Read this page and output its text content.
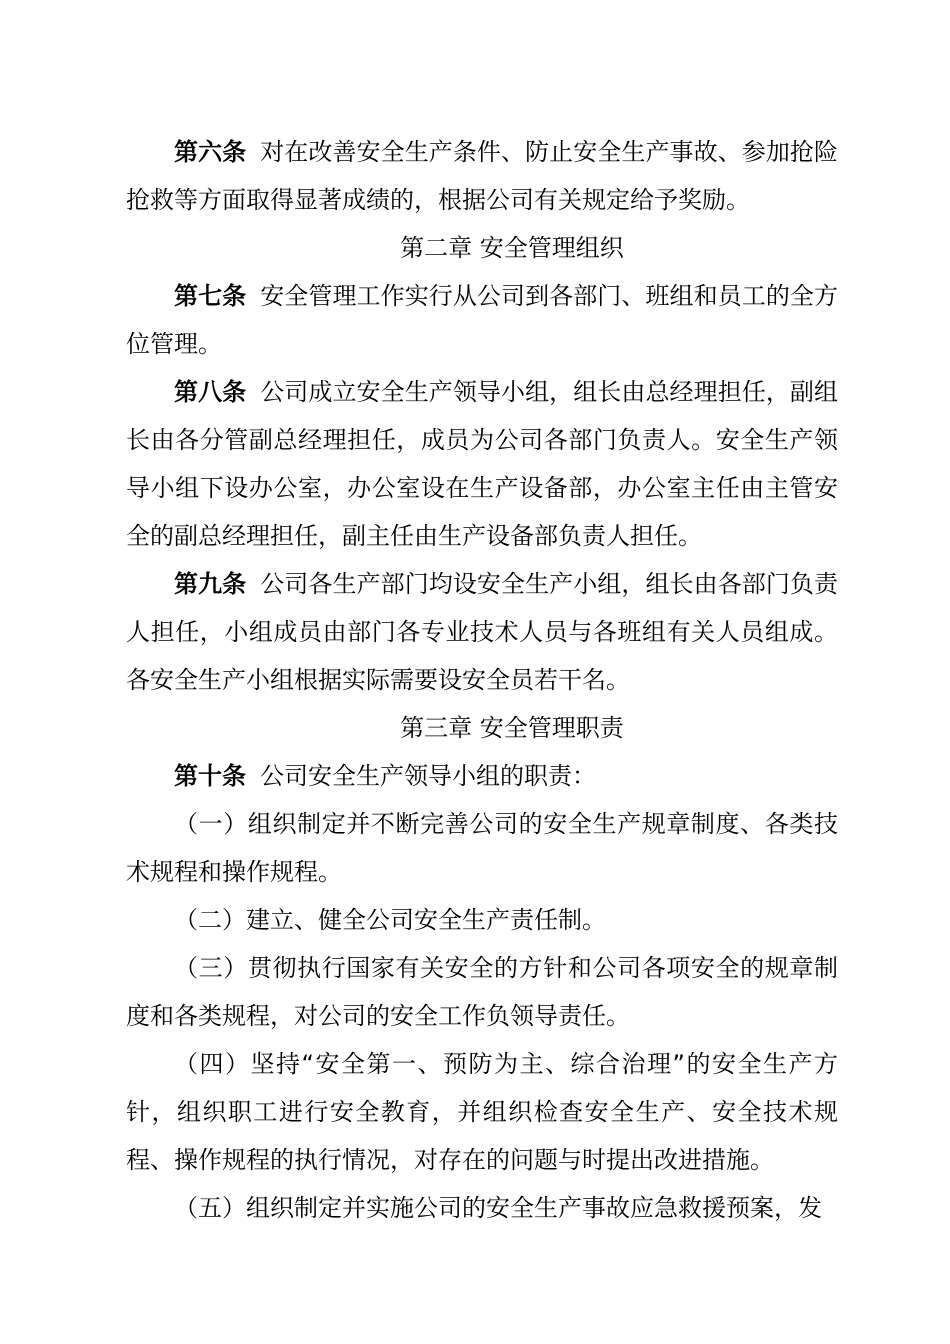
第六条 对在改善安全生产条件、防止安全生产事故、参加抢险抢救等方面取得显著成绩的，根据公司有关规定给予奖励。

第二章 安全管理组织

第七条 安全管理工作实行从公司到各部门、班组和员工的全方位管理。

第八条 公司成立安全生产领导小组，组长由总经理担任，副组长由各分管副总经理担任，成员为公司各部门负责人。安全生产领导小组下设办公室，办公室设在生产设备部，办公室主任由主管安全的副总经理担任，副主任由生产设备部负责人担任。

第九条 公司各生产部门均设安全生产小组，组长由各部门负责人担任，小组成员由部门各专业技术人员与各班组有关人员组成。各安全生产小组根据实际需要设安全员若干名。

第三章 安全管理职责

第十条 公司安全生产领导小组的职责：

（一）组织制定并不断完善公司的安全生产规章制度、各类技术规程和操作规程。

（二）建立、健全公司安全生产责任制。

（三）贯彻执行国家有关安全的方针和公司各项安全的规章制度和各类规程，对公司的安全工作负领导责任。

（四）坚持“安全第一、预防为主、综合治理”的安全生产方针，组织职工进行安全教育，并组织检查安全生产、安全技术规程、操作规程的执行情况，对存在的问题与时提出改进措施。

（五）组织制定并实施公司的安全生产事故应急救援预案，发
